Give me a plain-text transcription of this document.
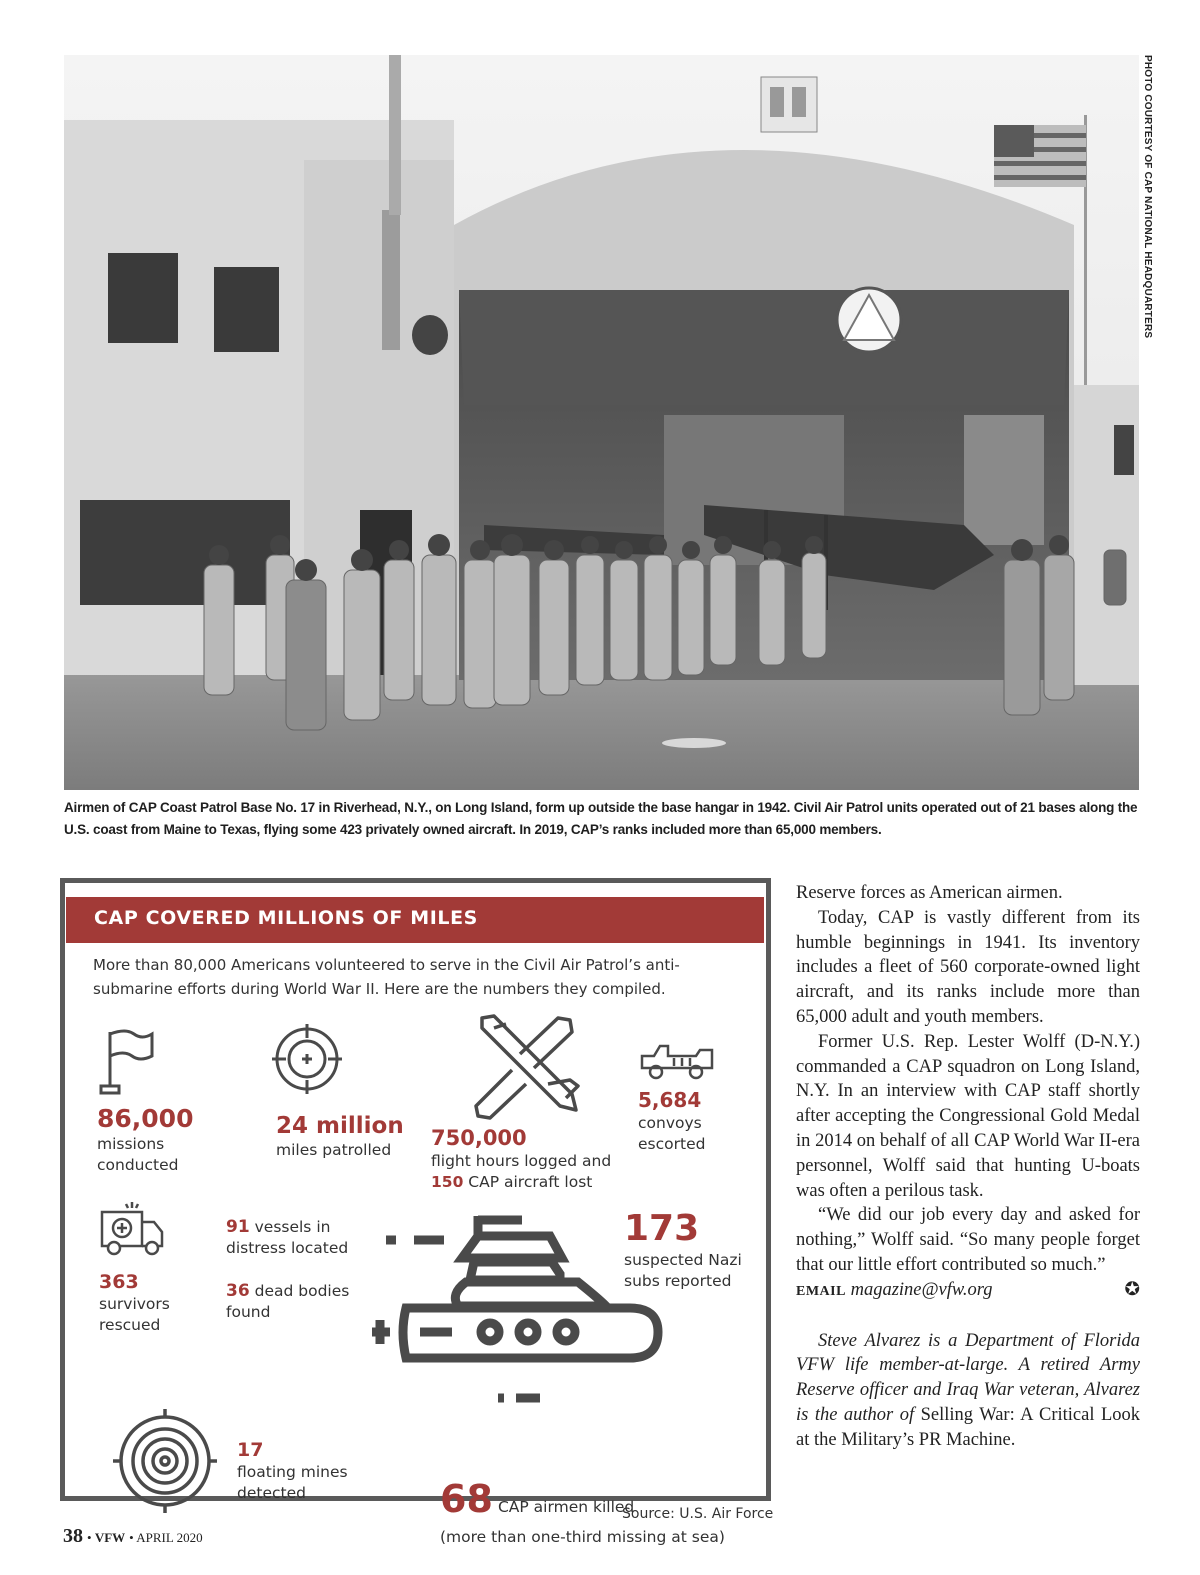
PHOTO COURTESY OF CAP NATIONAL HEADQUARTERS
Airmen of CAP Coast Patrol Base No. 17 in Riverhead, N.Y., on Long Island, form up outside the base hangar in 1942. Civil Air Patrol units operated out of 21 bases along the U.S. coast from Maine to Texas, flying some 423 privately owned aircraft. In 2019, CAP’s ranks included more than 65,000 members.
CAP COVERED MILLIONS OF MILES
More than 80,000 Americans volunteered to serve in the Civil Air Patrol’s anti-submarine efforts during World War II. Here are the numbers they compiled.
86,000
missions
conducted
24 million
miles patrolled	750,000
flight hours logged and
150 CAP aircraft lost
5,684
convoys
escorted
363
survivors
rescued
91 vessels in
distress located
36 dead bodies
found
173
suspected Nazi
subs reported
17
floating mines
detected	68 CAP airmen killed
(more than one-third missing at sea)
Source: U.S. Air Force

Reserve forces as American airmen.

Today, CAP is vastly different from its humble beginnings in 1941. Its inventory includes a fleet of 560 corporate-owned light aircraft, and its ranks include more than 65,000 adult and youth members.

Former U.S. Rep. Lester Wolff (D-N.Y.) commanded a CAP squadron on Long Island, N.Y. In an interview with CAP staff shortly after accepting the Congressional Gold Medal in 2014 on behalf of all CAP World War II-era personnel, Wolff said that hunting U-boats was often a perilous task.

“We did our job every day and asked for nothing,” Wolff said. “So many people forget that our little effort contributed so much.”
✪

EMAIL magazine@vfw.org

Steve Alvarez is a Department of Florida VFW life member-at-large. A retired Army Reserve officer and Iraq War veteran, Alvarez is the author of Selling War: A Critical Look at the Military’s PR Machine.

38 • VFW • APRIL 2020
